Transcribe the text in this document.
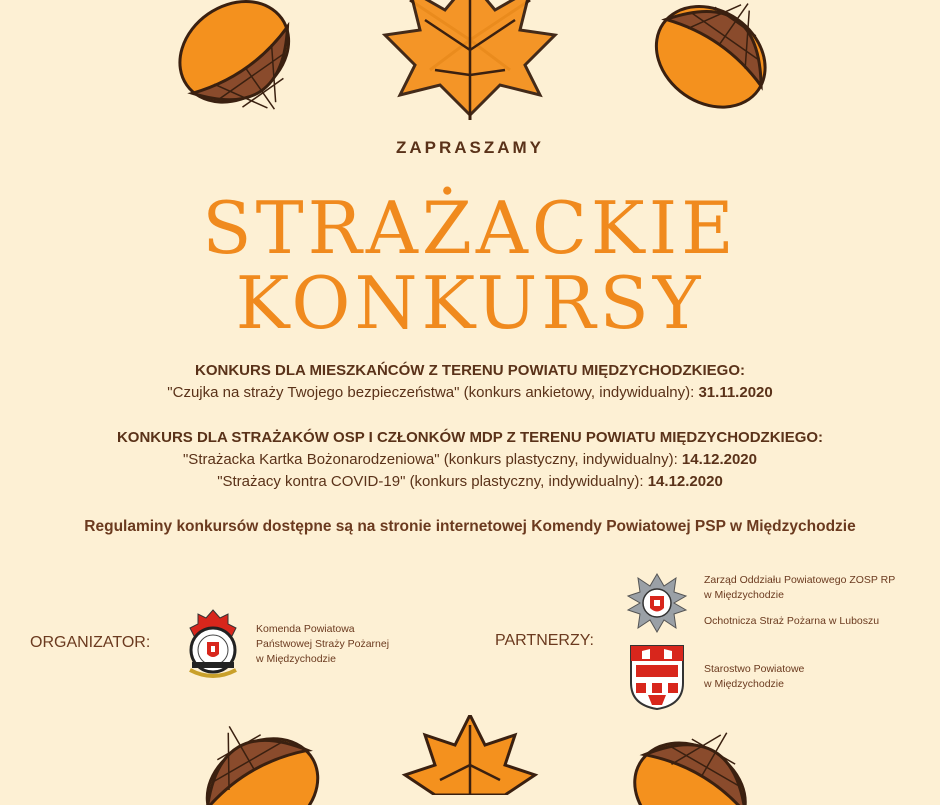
ZAPRASZAMY
STRAŻACKIE
KONKURSY
KONKURS DLA MIESZKAŃCÓW Z TERENU POWIATU MIĘDZYCHODZKIEGO:
"Czujka na straży Twojego bezpieczeństwa" (konkurs ankietowy, indywidualny): 31.11.2020
KONKURS DLA STRAŻAKÓW OSP I CZŁONKÓW MDP Z TERENU POWIATU MIĘDZYCHODZKIEGO:
"Strażacka Kartka Bożonarodzeniowa" (konkurs plastyczny, indywidualny): 14.12.2020
"Strażacy kontra COVID-19" (konkurs plastyczny, indywidualny): 14.12.2020
Regulaminy konkursów dostępne są na stronie internetowej Komendy Powiatowej PSP w Międzychodzie
ORGANIZATOR:
Komenda Powiatowa
Państwowej Straży Pożarnej
w Międzychodzie
PARTNERZY:
Zarząd Oddziału Powiatowego ZOSP RP
w Międzychodzie
Ochotnicza Straż Pożarna w Luboszu
Starostwo Powiatowe
w Międzychodzie
